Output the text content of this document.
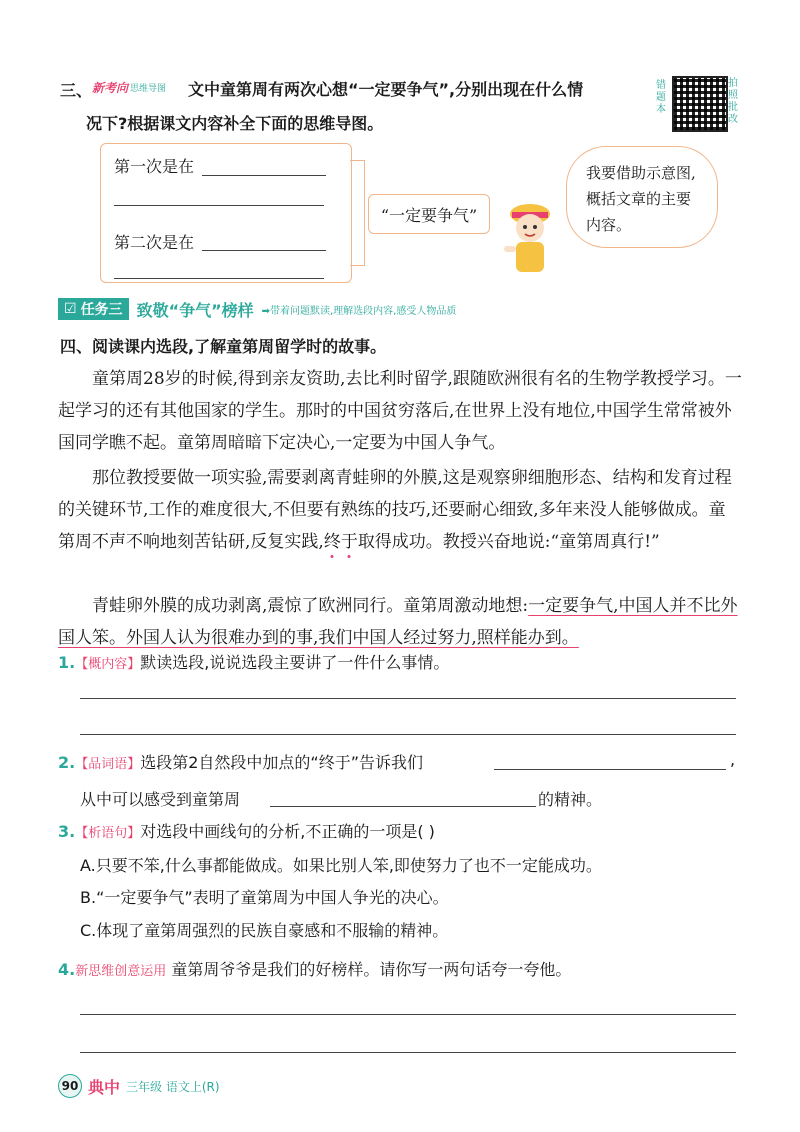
三、 新考向 思维导图 文中童第周有两次心想“一定要争气”,分别出现在什么情
况下?根据课文内容补全下面的思维导图。
错题本
拍照批改
第一次是在
第二次是在
“一定要争气”
我要借助示意图,概括文章的主要内容。
☑ 任务三 致敬“争气”榜样 ➡带着问题默读,理解选段内容,感受人物品质
四、阅读课内选段,了解童第周留学时的故事。
童第周28岁的时候,得到亲友资助,去比利时留学,跟随欧洲很有名的生物学教授学习。一起学习的还有其他国家的学生。那时的中国贫穷落后,在世界上没有地位,中国学生常常被外国同学瞧不起。童第周暗暗下定决心,一定要为中国人争气。
那位教授要做一项实验,需要剥离青蛙卵的外膜,这是观察卵细胞形态、结构和发育过程的关键环节,工作的难度很大,不但要有熟练的技巧,还要耐心细致,多年来没人能够做成。童第周不声不响地刻苦钻研,反复实践,终于取得成功。教授兴奋地说:“童第周真行!”
青蛙卵外膜的成功剥离,震惊了欧洲同行。童第周激动地想:一定要争气,中国人并不比外国人笨。外国人认为很难办到的事,我们中国人经过努力,照样能办到。
1.【概内容】默读选段,说说选段主要讲了一件什么事情。
2.【品词语】选段第2自然段中加点的“终于”告诉我们	,
从中可以感受到童第周	的精神。
3.【析语句】对选段中画线句的分析,不正确的一项是( )
A.只要不笨,什么事都能做成。如果比别人笨,即使努力了也不一定能成功。
B.“一定要争气”表明了童第周为中国人争光的决心。
C.体现了童第周强烈的民族自豪感和不服输的精神。
4.新思维创意运用 童第周爷爷是我们的好榜样。请你写一两句话夸一夸他。
90 典中 三年级 语文上(R)
